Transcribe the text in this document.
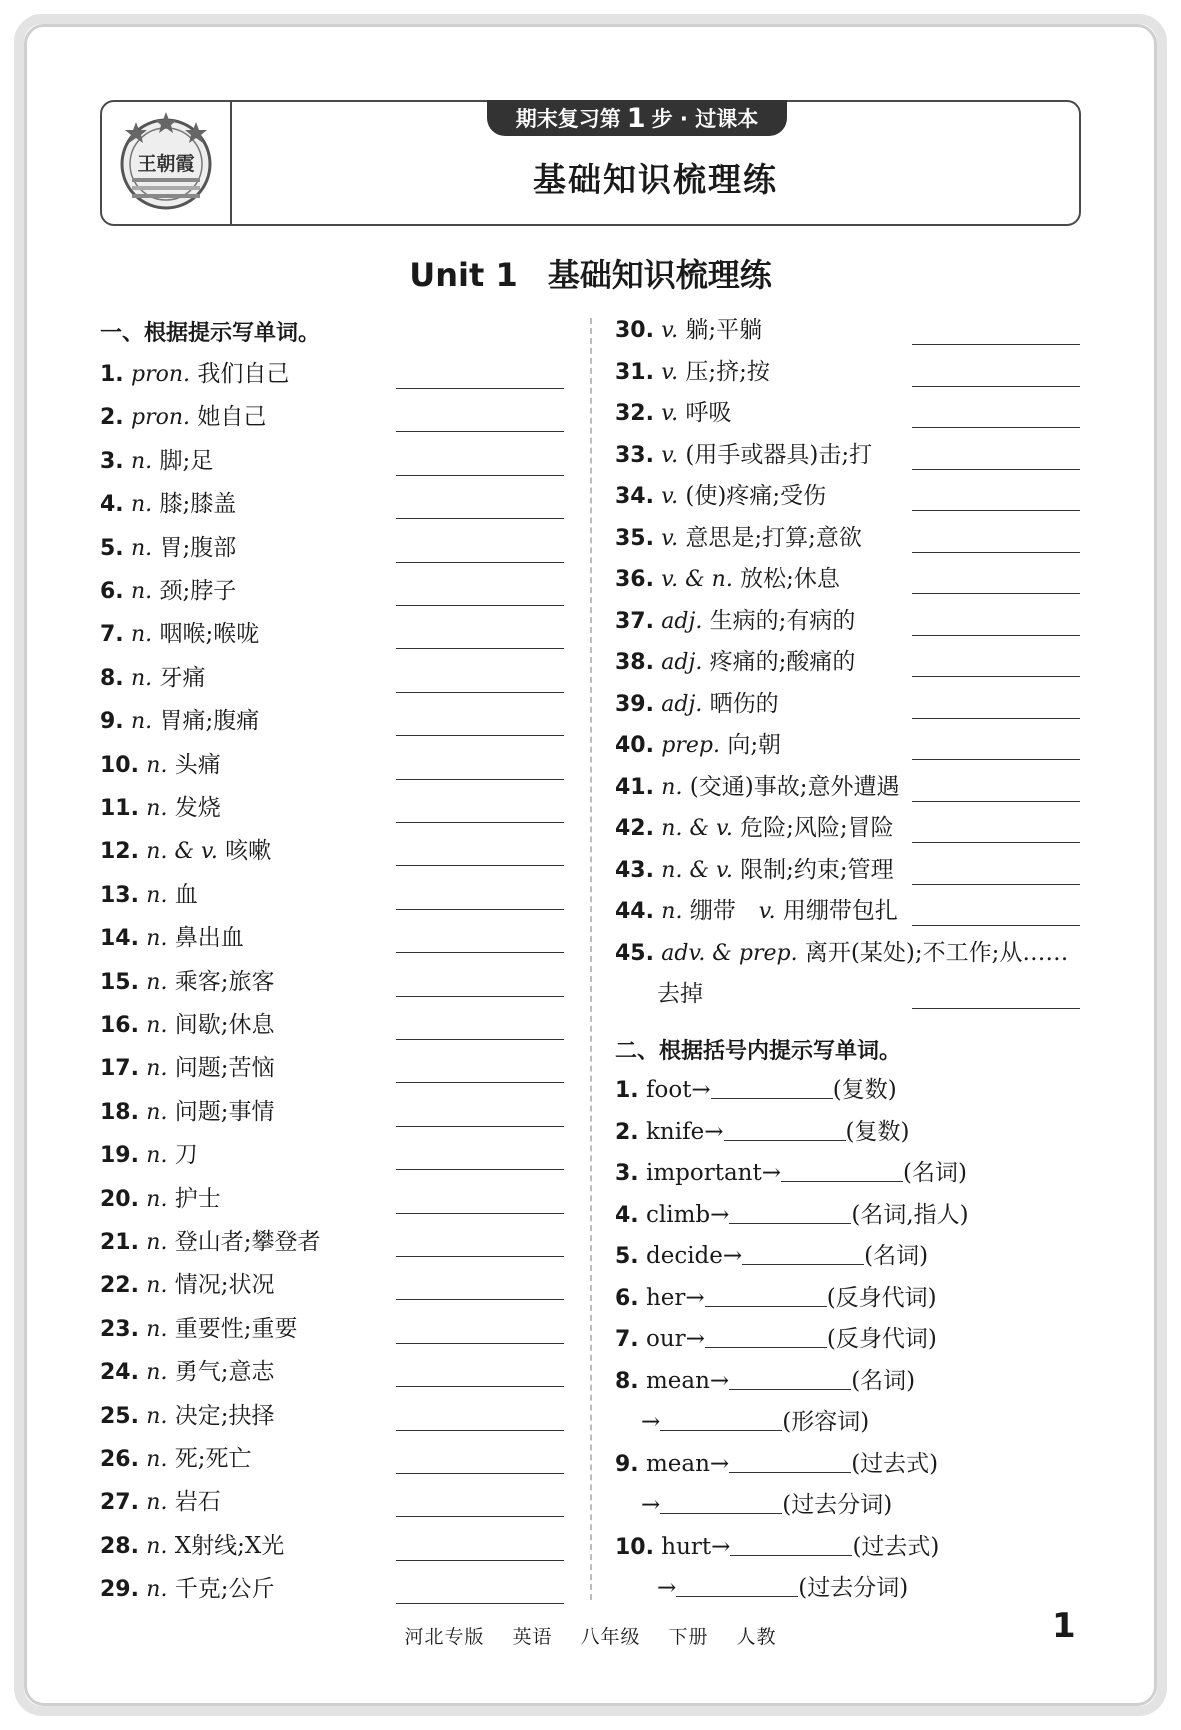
王朝霞
期末复习第 1 步 · 过课本
基础知识梳理练
Unit 1 基础知识梳理练
一、根据提示写单词。
1. pron. 我们自己
2. pron. 她自己
3. n. 脚;足
4. n. 膝;膝盖
5. n. 胃;腹部
6. n. 颈;脖子
7. n. 咽喉;喉咙
8. n. 牙痛
9. n. 胃痛;腹痛
10. n. 头痛
11. n. 发烧
12. n. & v. 咳嗽
13. n. 血
14. n. 鼻出血
15. n. 乘客;旅客
16. n. 间歇;休息
17. n. 问题;苦恼
18. n. 问题;事情
19. n. 刀
20. n. 护士
21. n. 登山者;攀登者
22. n. 情况;状况
23. n. 重要性;重要
24. n. 勇气;意志
25. n. 决定;抉择
26. n. 死;死亡
27. n. 岩石
28. n. X射线;X光
29. n. 千克;公斤
30. v. 躺;平躺
31. v. 压;挤;按
32. v. 呼吸
33. v. (用手或器具)击;打
34. v. (使)疼痛;受伤
35. v. 意思是;打算;意欲
36. v. & n. 放松;休息
37. adj. 生病的;有病的
38. adj. 疼痛的;酸痛的
39. adj. 晒伤的
40. prep. 向;朝
41. n. (交通)事故;意外遭遇
42. n. & v. 危险;风险;冒险
43. n. & v. 限制;约束;管理
44. n. 绷带　 v. 用绷带包扎
45. adv. & prep. 离开(某处);不工作;从……
去掉
二、根据括号内提示写单词。
1. foot→	(复数)
2. knife→	(复数)
3. important→	(名词)
4. climb→	(名词,指人)
5. decide→	(名词)
6. her→	(反身代词)
7. our→	(反身代词)
8. mean→	(名词)
→	(形容词)
9. mean→	(过去式)
→	(过去分词)
10. hurt→	(过去式)
→	(过去分词)
河北专版 英语 八年级 下册 人教	1
